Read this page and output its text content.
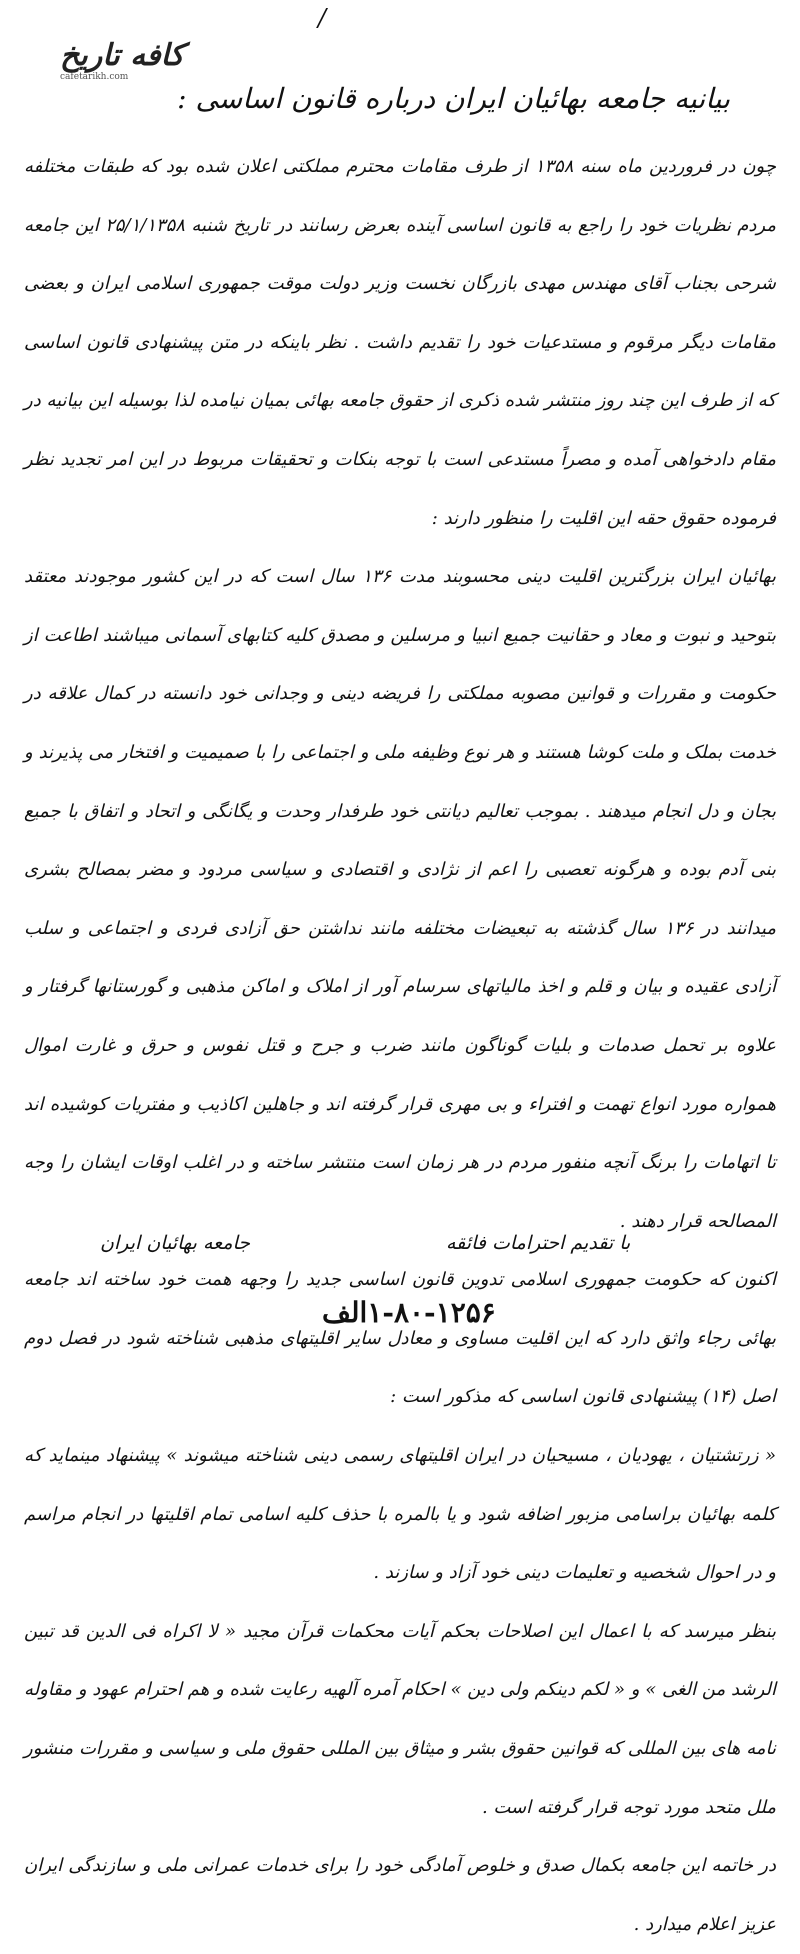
/
کافه تاریخ
cafetarikh.com
بیانیه جامعه بهائیان ایران درباره قانون اساسی :

چون در فروردین ماه سنه ۱۳۵۸ از طرف مقامات محترم مملکتی اعلان شده بود که طبقات مختلفه مردم نظریات خود را راجع به قانون اساسی آینده بعرض رسانند در تاریخ شنبه ۲۵/۱/۱۳۵۸ این جامعه شرحی بجناب آقای مهندس مهدی بازرگان نخست وزیر دولت موقت جمهوری اسلامی ایران و بعضی مقامات دیگر مرقوم و مستدعیات خود را تقدیم داشت . نظر باینکه در متن پیشنهادی قانون اساسی که از طرف این چند روز منتشر شده ذکری از حقوق جامعه بهائی بمیان نیامده لذا بوسیله این بیانیه در مقام دادخواهی آمده و مصراً مستدعی است با توجه بنکات و تحقیقات مربوط در این امر تجدید نظر فرموده حقوق حقه این اقلیت را منظور دارند :

بهائیان ایران بزرگترین اقلیت دینی محسوبند مدت ۱۳۶ سال است که در این کشور موجودند معتقد بتوحید و نبوت و معاد و حقانیت جمیع انبیا و مرسلین و مصدق کلیه کتابهای آسمانی میباشند اطاعت از حکومت و مقررات و قوانین مصوبه مملکتی را فریضه دینی و وجدانی خود دانسته در کمال علاقه در خدمت بملک و ملت کوشا هستند و هر نوع وظیفه ملی و اجتماعی را با صمیمیت و افتخار می پذیرند و بجان و دل انجام میدهند . بموجب تعالیم دیانتی خود طرفدار وحدت و یگانگی و اتحاد و اتفاق با جمیع بنی آدم بوده و هرگونه تعصبی را اعم از نژادی و اقتصادی و سیاسی مردود و مضر بمصالح بشری میدانند در ۱۳۶ سال گذشته به تبعیضات مختلفه مانند نداشتن حق آزادی فردی و اجتماعی و سلب آزادی عقیده و بیان و قلم و اخذ مالیاتهای سرسام آور از املاک و اماکن مذهبی و گورستانها گرفتار و علاوه بر تحمل صدمات و بلیات گوناگون مانند ضرب و جرح و قتل نفوس و حرق و غارت اموال همواره مورد انواع تهمت و افتراء و بی مهری قرار گرفته اند و جاهلین اکاذیب و مفتریات کوشیده اند تا اتهامات را برنگ آنچه منفور مردم در هر زمان است منتشر ساخته و در اغلب اوقات ایشان را وجه المصالحه قرار دهند .

اکنون که حکومت جمهوری اسلامی تدوین قانون اساسی جدید را وجهه همت خود ساخته اند جامعه بهائی رجاء واثق دارد که این اقلیت مساوی و معادل سایر اقلیتهای مذهبی شناخته شود در فصل دوم اصل (۱۴) پیشنهادی قانون اساسی که مذکور است :

« زرتشتیان ، یهودیان ، مسیحیان در ایران اقلیتهای رسمی دینی شناخته میشوند » پیشنهاد مینماید که کلمه بهائیان براسامی مزبور اضافه شود و یا بالمره با حذف کلیه اسامی تمام اقلیتها در انجام مراسم و در احوال شخصیه و تعلیمات دینی خود آزاد و سازند .

بنظر میرسد که با اعمال این اصلاحات بحکم آیات محکمات قرآن مجید « لا اکراه فی الدین قد تبین الرشد من الغی » و « لکم دینکم ولی دین » احکام آمره آلهیه رعایت شده و هم احترام عهود و مقاوله نامه های بین المللی که قوانین حقوق بشر و میثاق بین المللی حقوق ملی و سیاسی و مقررات منشور ملل متحد مورد توجه قرار گرفته است .

در خاتمه این جامعه بکمال صدق و خلوص آمادگی خود را برای خدمات عمرانی ملی و سازندگی ایران عزیز اعلام میدارد .

جامعه بهائیان ایران	با تقدیم احترامات فائقه
۱-۸۰-۱۲۵۶الف
